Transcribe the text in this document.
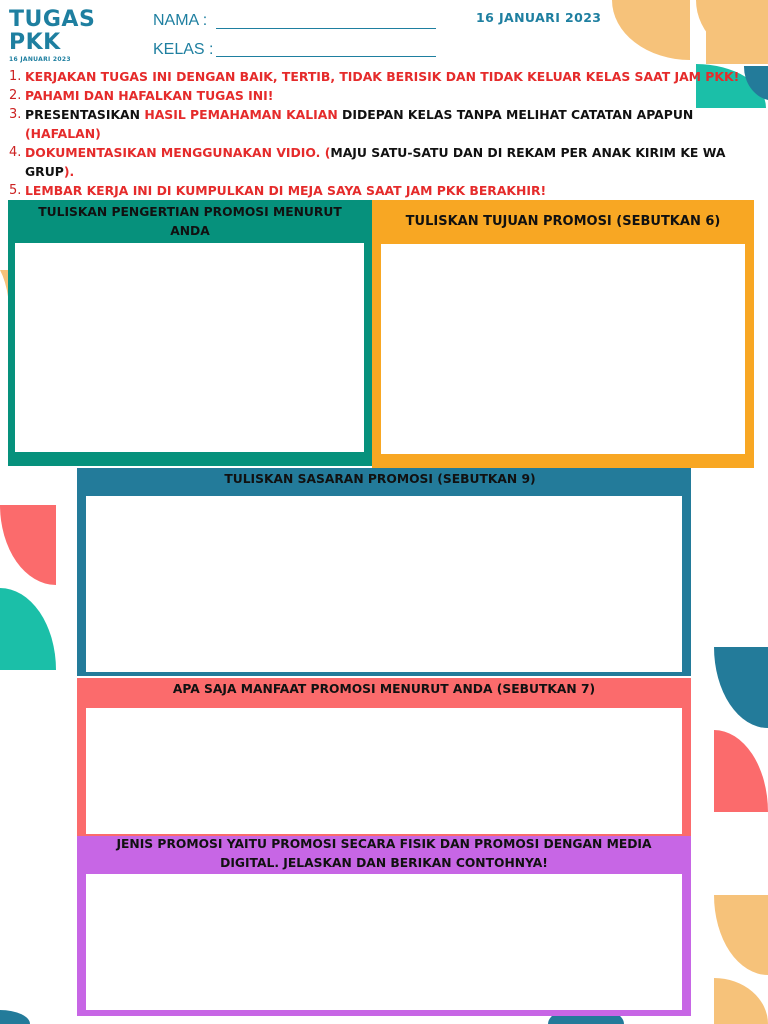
TUGAS
PKK
16 JANUARI 2023
NAMA :
KELAS :
16 JANUARI 2023
1. KERJAKAN TUGAS INI DENGAN BAIK, TERTIB, TIDAK BERISIK DAN TIDAK KELUAR KELAS SAAT JAM PKK!
2. PAHAMI DAN HAFALKAN TUGAS INI!
3. PRESENTASIKAN HASIL PEMAHAMAN KALIAN DIDEPAN KELAS TANPA MELIHAT CATATAN APAPUN (HAFALAN)
4. DOKUMENTASIKAN MENGGUNAKAN VIDIO. (MAJU SATU-SATU DAN DI REKAM PER ANAK KIRIM KE WA GRUP).
5. LEMBAR KERJA INI DI KUMPULKAN DI MEJA SAYA SAAT JAM PKK BERAKHIR!
TULISKAN PENGERTIAN PROMOSI MENURUT ANDA
TULISKAN TUJUAN PROMOSI (SEBUTKAN 6)
TULISKAN SASARAN PROMOSI (SEBUTKAN 9)
APA SAJA MANFAAT PROMOSI MENURUT ANDA (SEBUTKAN 7)
JENIS PROMOSI YAITU PROMOSI SECARA FISIK DAN PROMOSI DENGAN MEDIA DIGITAL. JELASKAN DAN BERIKAN CONTOHNYA!
